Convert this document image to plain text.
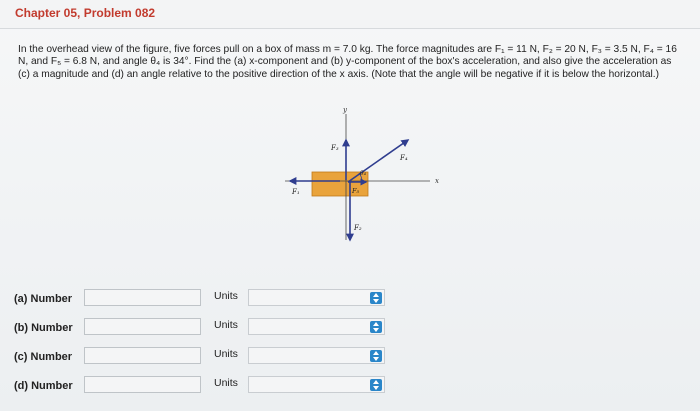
Chapter 05, Problem 082
In the overhead view of the figure, five forces pull on a box of mass m = 7.0 kg. The force magnitudes are F₁ = 11 N, F₂ = 20 N, F₃ = 3.5 N, F₄ = 16 N, and F₅ = 6.8 N, and angle θ₄ is 34°. Find the (a) x-component and (b) y-component of the box's acceleration, and also give the acceleration as (c) a magnitude and (d) an angle relative to the positive direction of the x axis. (Note that the angle will be negative if it is below the horizontal.)
x
y
F₁
F₂
F₃
F₄
F₅
θ₄
(a) Number	Units
(b) Number	Units
(c) Number	Units
(d) Number	Units
